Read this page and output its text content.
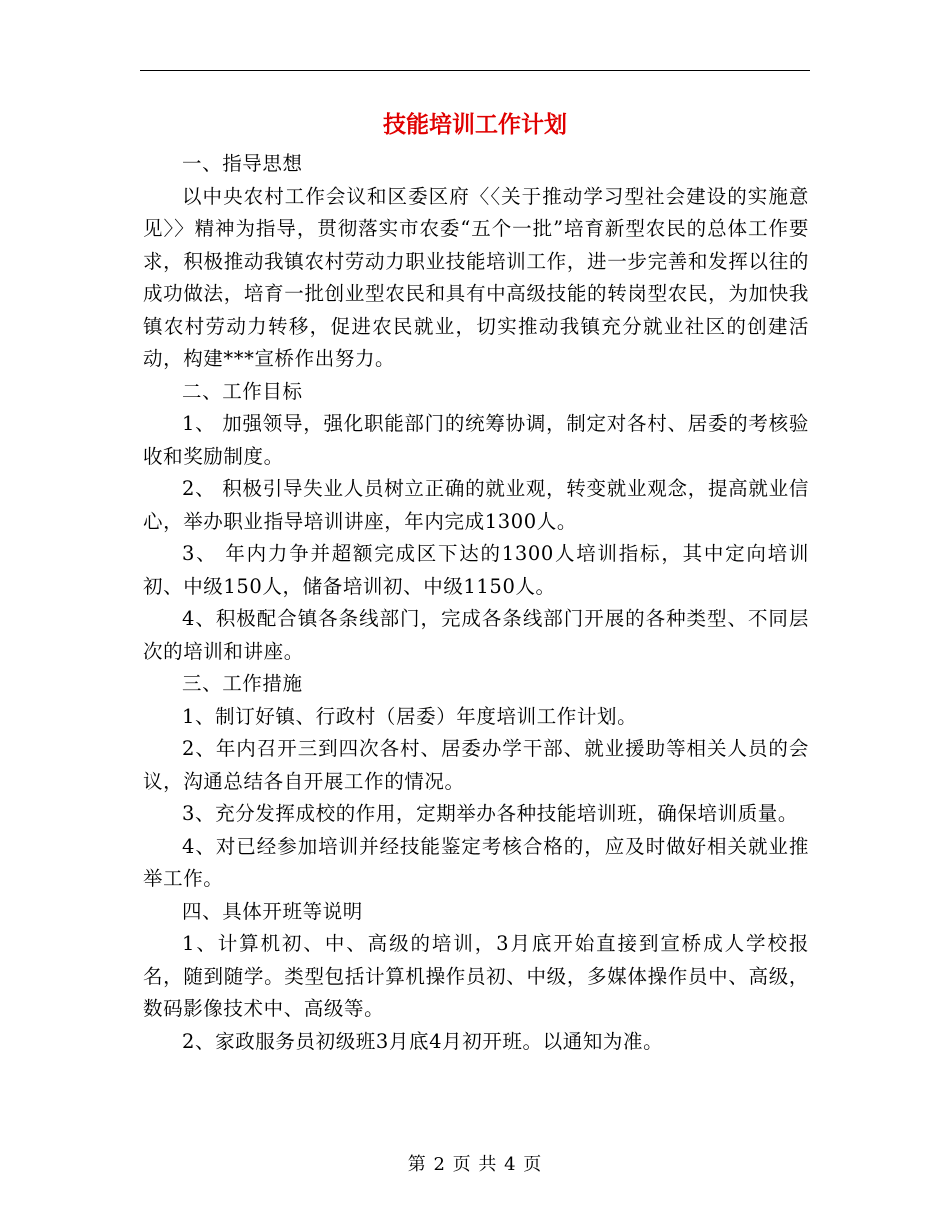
技能培训工作计划

一、指导思想

以中央农村工作会议和区委区府〈〈关于推动学习型社会建设的实施意见〉〉精神为指导，贯彻落实市农委“五个一批”培育新型农民的总体工作要求，积极推动我镇农村劳动力职业技能培训工作，进一步完善和发挥以往的成功做法，培育一批创业型农民和具有中高级技能的转岗型农民，为加快我镇农村劳动力转移，促进农民就业，切实推动我镇充分就业社区的创建活动，构建***宣桥作出努力。

二、工作目标

1、 加强领导，强化职能部门的统筹协调，制定对各村、居委的考核验收和奖励制度。

2、 积极引导失业人员树立正确的就业观，转变就业观念，提高就业信心，举办职业指导培训讲座，年内完成1300人。

3、 年内力争并超额完成区下达的1300人培训指标，其中定向培训初、中级150人，储备培训初、中级1150人。

4、积极配合镇各条线部门，完成各条线部门开展的各种类型、不同层次的培训和讲座。

三、工作措施

1、制订好镇、行政村（居委）年度培训工作计划。

2、年内召开三到四次各村、居委办学干部、就业援助等相关人员的会议，沟通总结各自开展工作的情况。

3、充分发挥成校的作用，定期举办各种技能培训班，确保培训质量。

4、对已经参加培训并经技能鉴定考核合格的，应及时做好相关就业推举工作。

四、具体开班等说明

1、计算机初、中、高级的培训，3月底开始直接到宣桥成人学校报名，随到随学。类型包括计算机操作员初、中级，多媒体操作员中、高级，数码影像技术中、高级等。

2、家政服务员初级班3月底4月初开班。以通知为准。

第 2 页 共 4 页
